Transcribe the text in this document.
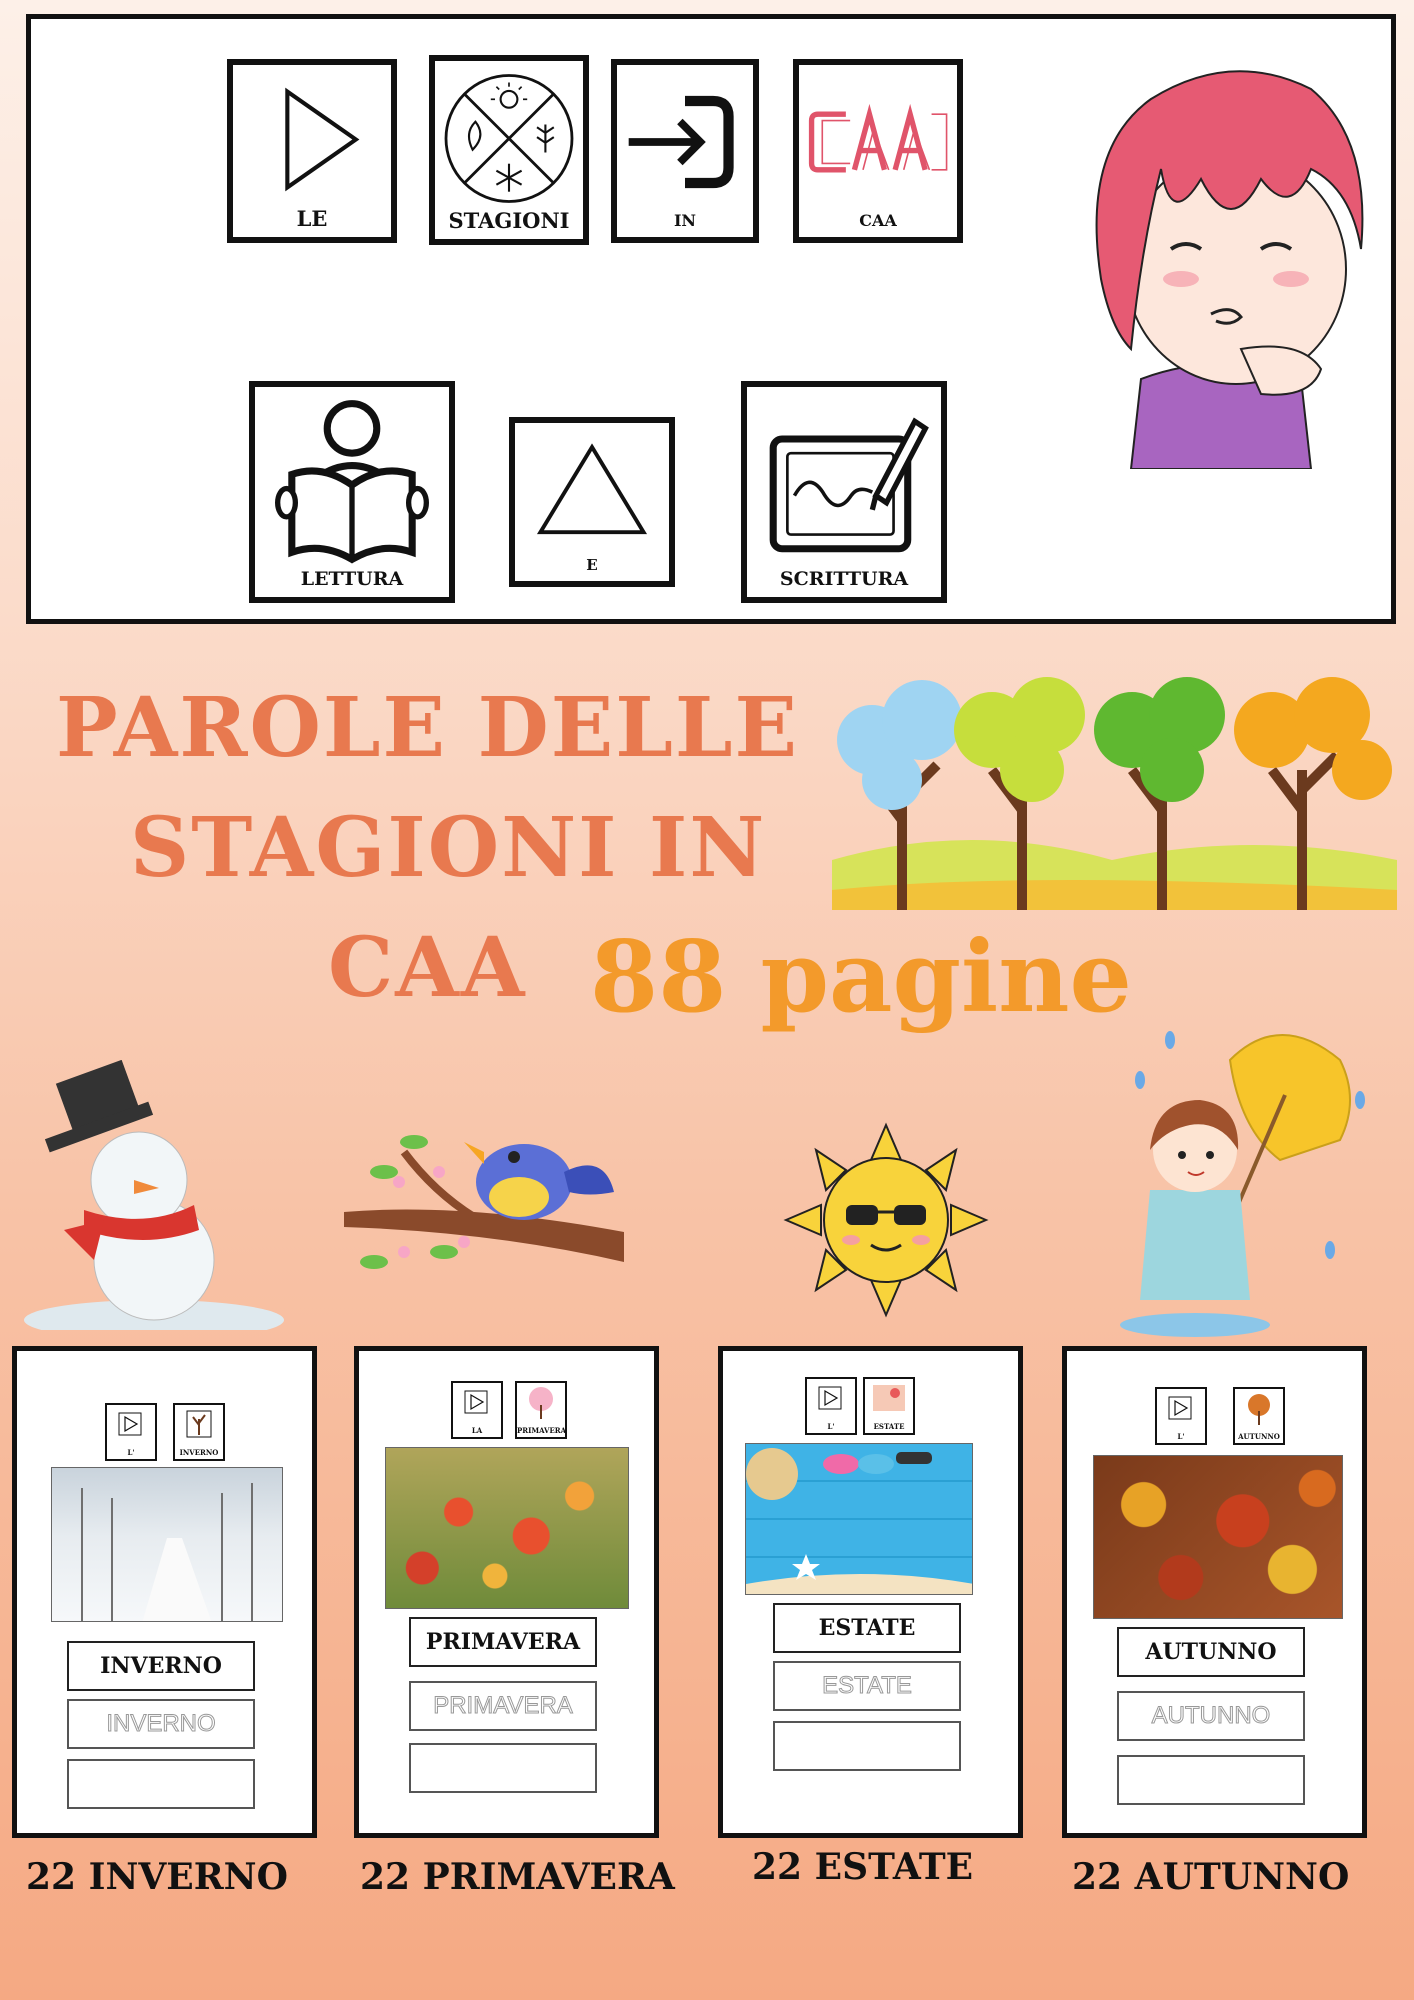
LE	STAGIONI	IN	CAA
LETTURA
E
SCRITTURA
PAROLE DELLE
STAGIONI IN
CAA 88 pagine
L'	INVERNO
INVERNO
INVERNO
22 INVERNO
LA	PRIMAVERA
PRIMAVERA
PRIMAVERA
22 PRIMAVERA
L'	ESTATE
ESTATE
ESTATE
22 ESTATE
L'	AUTUNNO
AUTUNNO
AUTUNNO
22 AUTUNNO
